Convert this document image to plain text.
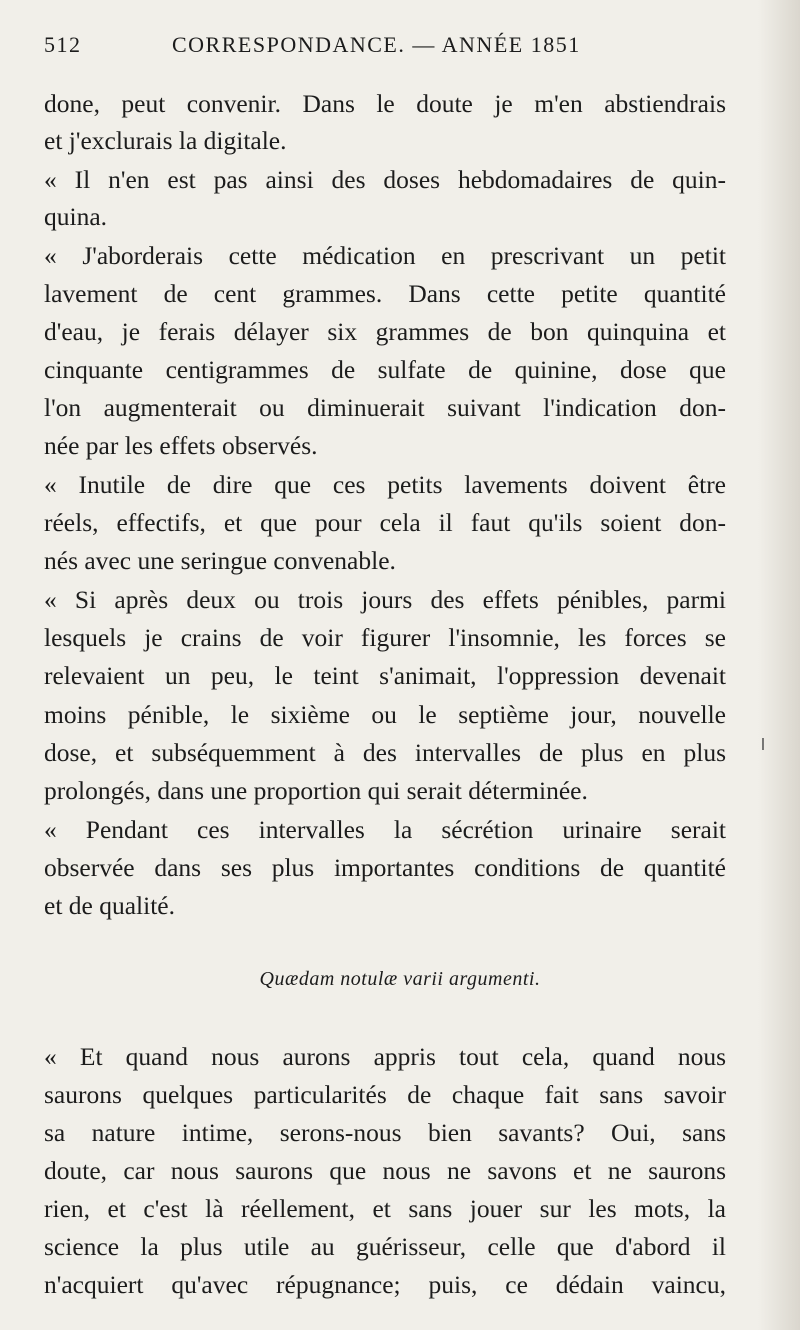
512	CORRESPONDANCE. — ANNÉE 1851
done, peut convenir. Dans le doute je m'en abstiendrais
et j'exclurais la digitale.
« Il n'en est pas ainsi des doses hebdomadaires de quin-
quina.
« J'aborderais cette médication en prescrivant un petit
lavement de cent grammes. Dans cette petite quantité
d'eau, je ferais délayer six grammes de bon quinquina et
cinquante centigrammes de sulfate de quinine, dose que
l'on augmenterait ou diminuerait suivant l'indication don-
née par les effets observés.
« Inutile de dire que ces petits lavements doivent être
réels, effectifs, et que pour cela il faut qu'ils soient don-
nés avec une seringue convenable.
« Si après deux ou trois jours des effets pénibles, parmi
lesquels je crains de voir figurer l'insomnie, les forces se
relevaient un peu, le teint s'animait, l'oppression devenait
moins pénible, le sixième ou le septième jour, nouvelle
dose, et subséquemment à des intervalles de plus en plus
prolongés, dans une proportion qui serait déterminée.
« Pendant ces intervalles la sécrétion urinaire serait
observée dans ses plus importantes conditions de quantité
et de qualité.
Quædam notulæ varii argumenti.
« Et quand nous aurons appris tout cela, quand nous
saurons quelques particularités de chaque fait sans savoir
sa nature intime, serons-nous bien savants? Oui, sans
doute, car nous saurons que nous ne savons et ne saurons
rien, et c'est là réellement, et sans jouer sur les mots, la
science la plus utile au guérisseur, celle que d'abord il
n'acquiert qu'avec répugnance; puis, ce dédain vaincu,
